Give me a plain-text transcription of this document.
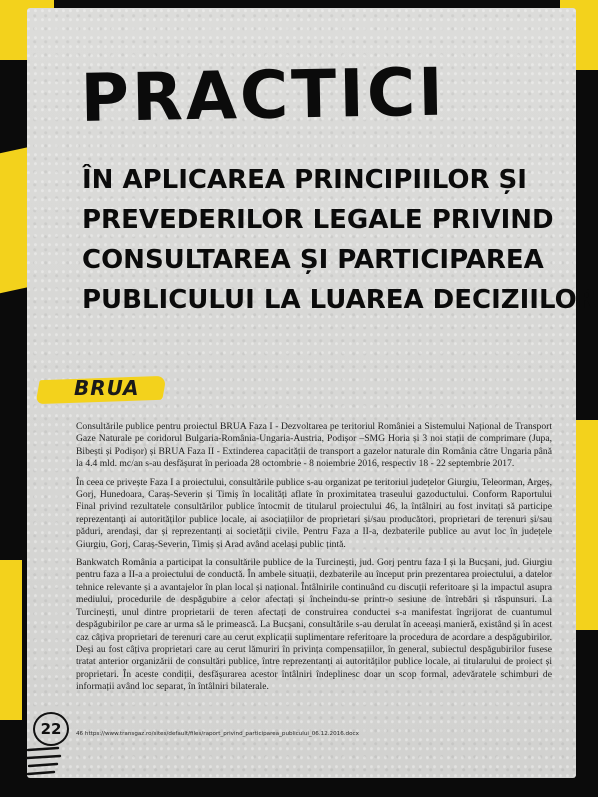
PRACTICI
ÎN APLICAREA PRINCIPIILOR ȘI
PREVEDERILOR LEGALE PRIVIND
CONSULTAREA ȘI PARTICIPAREA
PUBLICULUI LA LUAREA DECIZIILOR
BRUA

Consultările publice pentru proiectul BRUA Faza I - Dezvoltarea pe teritoriul României a Sistemului Național de Transport Gaze Naturale pe coridorul Bulgaria-România-Ungaria-Austria, Podișor –SMG Horia și 3 noi stații de comprimare (Jupa, Bibești și Podișor) și BRUA Faza II - Extinderea capacității de transport a gazelor naturale din România către Ungaria până la 4.4 mld. mc/an s-au desfășurat în perioada 28 octombrie - 8 noiembrie 2016, respectiv 18 - 22 septembrie 2017.

În ceea ce privește Faza I a proiectului, consultările publice s-au organizat pe teritoriul județelor Giurgiu, Teleorman, Argeș, Gorj, Hunedoara, Caraș-Severin și Timiș în localități aflate în proximitatea traseului gazoductului. Conform Raportului Final privind rezultatele consultărilor publice întocmit de titularul proiectului 46, la întâlniri au fost invitați să participe reprezentanți ai autorităților publice locale, ai asociațiilor de proprietari și/sau producători, proprietari de terenuri și/sau păduri, arendași, dar și reprezentanți ai societății civile. Pentru Faza a II-a, dezbaterile publice au avut loc în județele Giurgiu, Gorj, Caraș-Severin, Timiș și Arad având același public țintă.

Bankwatch România a participat la consultările publice de la Turcinești, jud. Gorj pentru faza I și la Bucșani, jud. Giurgiu pentru faza a II-a a proiectului de conductă. În ambele situații, dezbaterile au început prin prezentarea proiectului, a datelor tehnice relevante și a avantajelor în plan local și național. Întâlnirile continuând cu discuții referitoare și la impactul asupra mediului, procedurile de despăgubire a celor afectați și încheindu-se printr-o sesiune de întrebări și răspunsuri. La Turcinești, unul dintre proprietarii de teren afectați de construirea conductei s-a manifestat îngrijorat de cuantumul despăgubirilor pe care ar urma să le primească. La Bucșani, consultările s-au derulat în aceeași manieră, existând și în acest caz câțiva proprietari de terenuri care au cerut explicații suplimentare referitoare la procedura de acordare a despăgubirilor. Deși au fost câțiva proprietari care au cerut lămuriri în privința compensațiilor, în general, subiectul despăgubirilor fusese tratat anterior organizării de consultări publice, între reprezentanți ai autorităților publice locale, ai titularului de proiect și proprietari. În aceste condiții, desfășurarea acestor întâlniri îndeplinesc doar un scop formal, adevăratele schimburi de informații având loc separat, în întâlniri bilaterale.

46 https://www.transgaz.ro/sites/default/files/raport_privind_participarea_publicului_06.12.2016.docx
22
